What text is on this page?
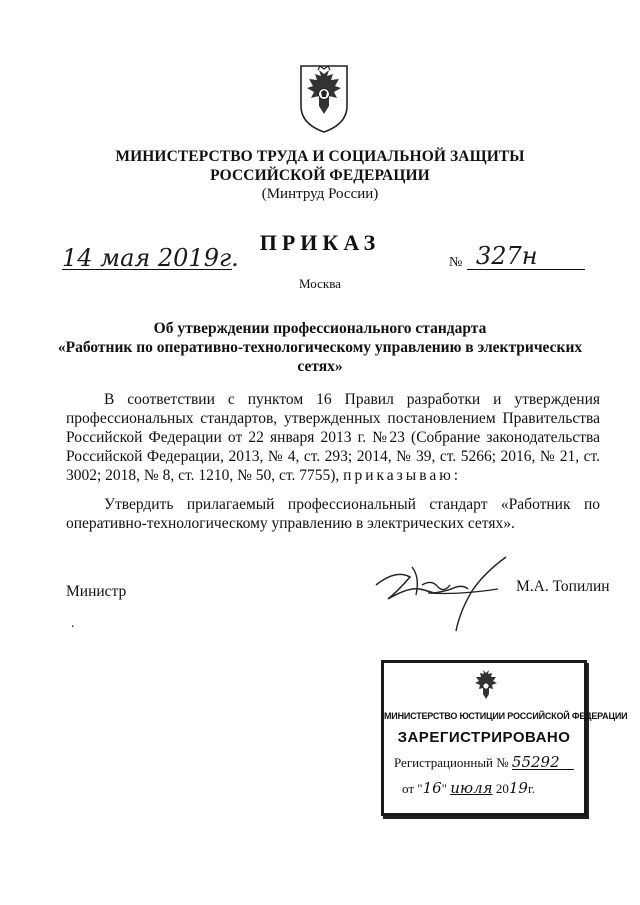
МИНИСТЕРСТВО ТРУДА И СОЦИАЛЬНОЙ ЗАЩИТЫ
РОССИЙСКОЙ ФЕДЕРАЦИИ
(Минтруд России)
ПРИКАЗ
14 мая 2019г.	№ 327н
Москва
Об утверждении профессионального стандарта
«Работник по оперативно-технологическому управлению в электрических
сетях»
В соответствии с пунктом 16 Правил разработки и утверждения профессиональных стандартов, утвержденных постановлением Правительства Российской Федерации от 22 января 2013 г. №23 (Собрание законодательства Российской Федерации, 2013, № 4, ст. 293; 2014, № 39, ст. 5266; 2016, № 21, ст. 3002; 2018, № 8, ст. 1210, № 50, ст. 7755), приказываю:
Утвердить прилагаемый профессиональный стандарт «Работник по оперативно-технологическому управлению в электрических сетях».
Министр	М.А. Топилин
.
МИНИСТЕРСТВО ЮСТИЦИИ РОССИЙСКОЙ ФЕДЕРАЦИИ
ЗАРЕГИСТРИРОВАНО
Регистрационный № 55292
от "16" июля 2019г.
